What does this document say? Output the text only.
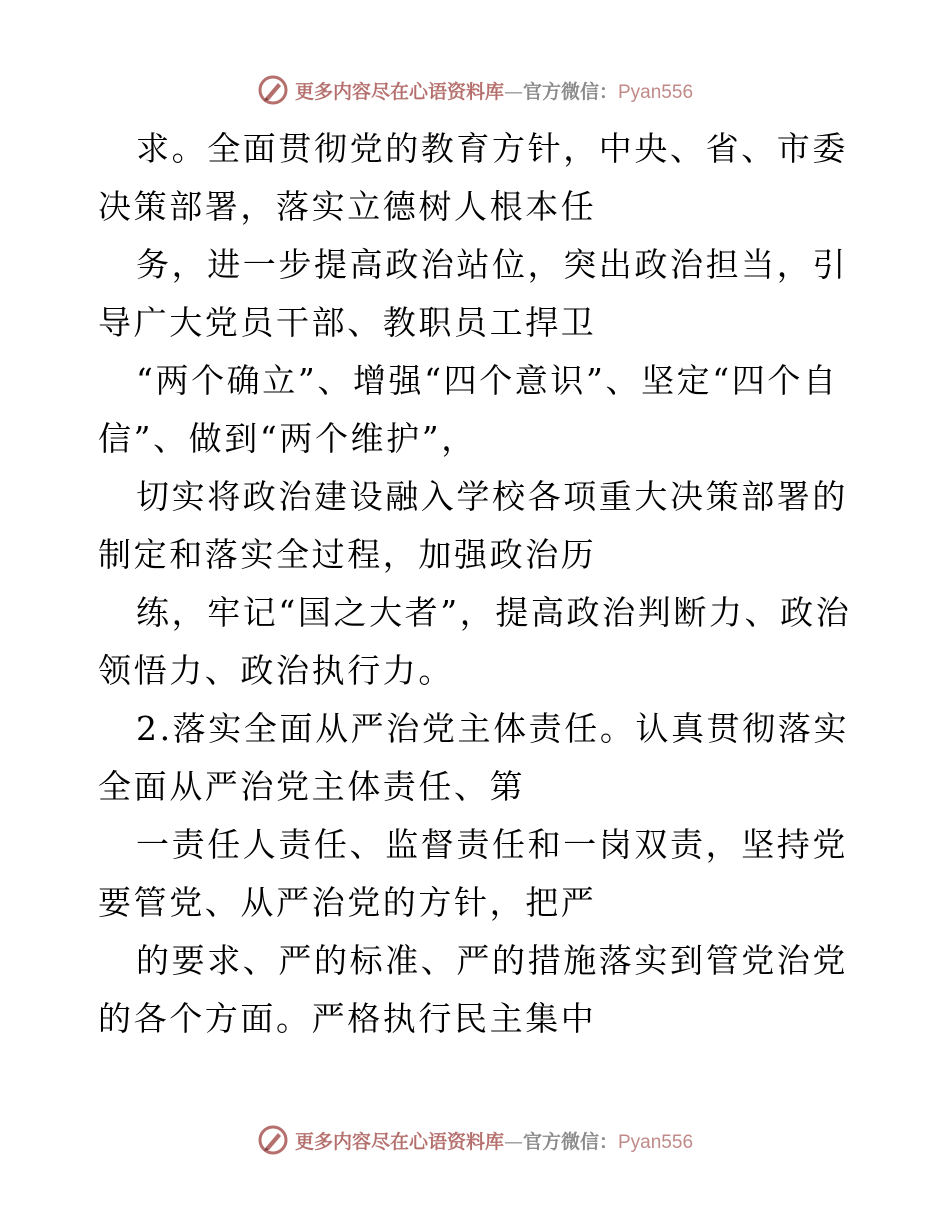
更多内容尽在心语资料库—官方微信：Pyan556

求。全面贯彻党的教育方针，中央、省、市委决策部署，落实立德树人根本任

务，进一步提高政治站位，突出政治担当，引导广大党员干部、教职员工捍卫

“两个确立”、增强“四个意识”、坚定“四个自信”、做到“两个维护”，

切实将政治建设融入学校各项重大决策部署的制定和落实全过程，加强政治历

练，牢记“国之大者”，提高政治判断力、政治领悟力、政治执行力。

2.落实全面从严治党主体责任。认真贯彻落实全面从严治党主体责任、第

一责任人责任、监督责任和一岗双责，坚持党要管党、从严治党的方针，把严

的要求、严的标准、严的措施落实到管党治党的各个方面。严格执行民主集中

更多内容尽在心语资料库—官方微信：Pyan556
